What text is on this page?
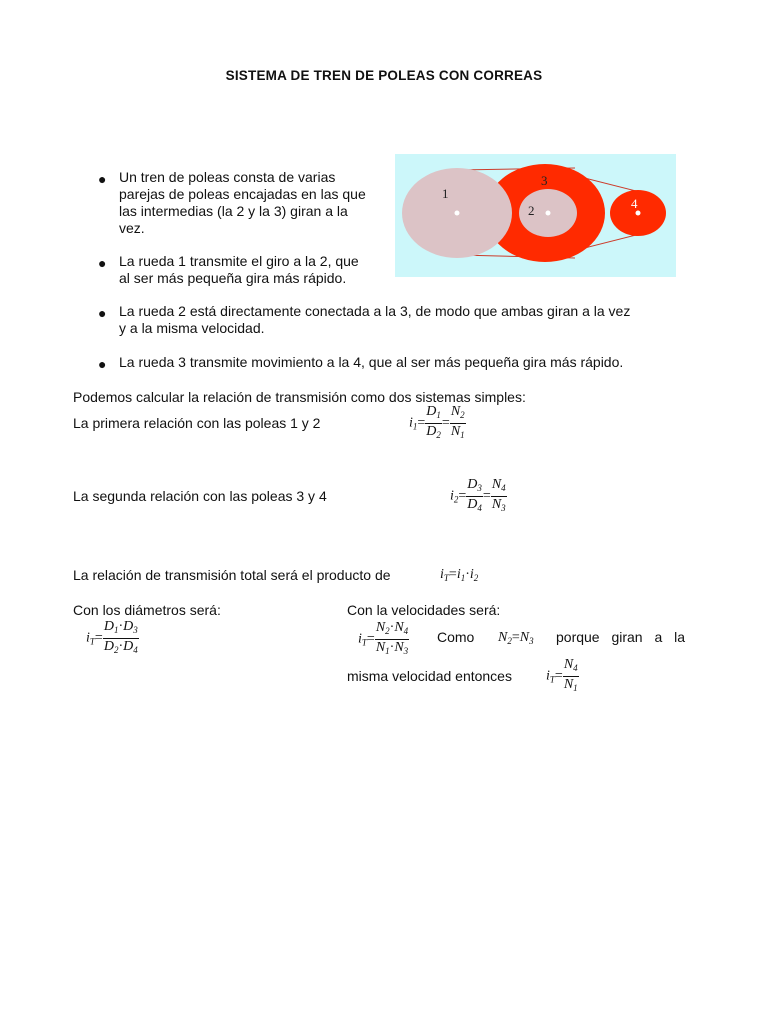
SISTEMA DE TREN DE POLEAS CON CORREAS
● Un tren de poleas consta de varias
parejas de poleas encajadas en las que
las intermedias (la 2 y la 3) giran a la
vez.
● La rueda 1 transmite el giro a la 2, que
al ser más pequeña gira más rápido.
● La rueda 2 está directamente conectada a la 3, de modo que ambas giran a la vez
y a la misma velocidad.
● La rueda 3 transmite movimiento a la 4, que al ser más pequeña gira más rápido.
1
2
3
4
Podemos calcular la relación de transmisión como dos sistemas simples:
La primera relación con las poleas 1 y 2	$i_1= \frac{D_1}{D_2} = \frac{N_2}{N_1}$
La segunda relación con las poleas 3 y 4	$i_2= \frac{D_3}{D_4} = \frac{N_4}{N_3}$
La relación de transmisión total será el producto de	$i_T=i_1\cdot i_2$
Con los diámetros será:	Con la velocidades será:
$i_T= \frac{D_1\cdot D_3}{D_2\cdot D_4}$	$i_T= \frac{N_2\cdot N_4}{N_1\cdot N_3}$ Como $N_2=N_3$ porque giran a la
misma velocidad entonces $i_T= \frac{N_4}{N_1}$
